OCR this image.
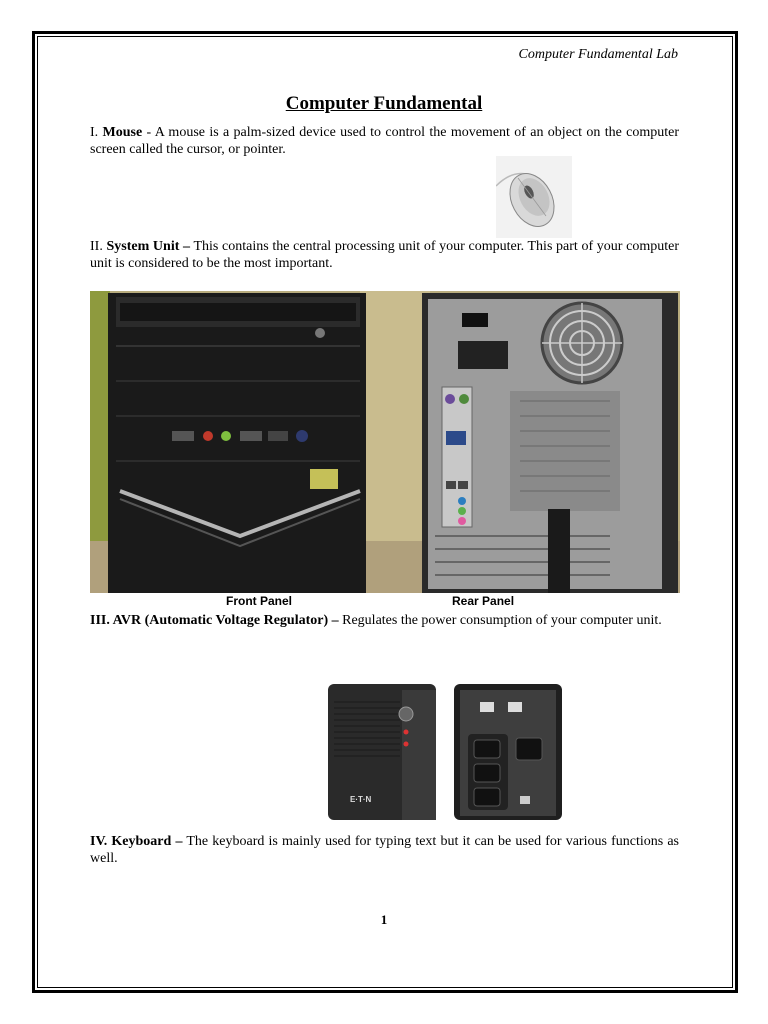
Computer Fundamental Lab
Computer Fundamental
I. Mouse - A mouse is a palm-sized device used to control the movement of an object on the computer screen called the cursor, or pointer.
II. System Unit – This contains the central processing unit of your computer. This part of your computer unit is considered to be the most important.
Front Panel	Rear Panel
III. AVR (Automatic Voltage Regulator) – Regulates the power consumption of your computer unit.
E·T·N
IV. Keyboard – The keyboard is mainly used for typing text but it can be used for various functions as well.
1
